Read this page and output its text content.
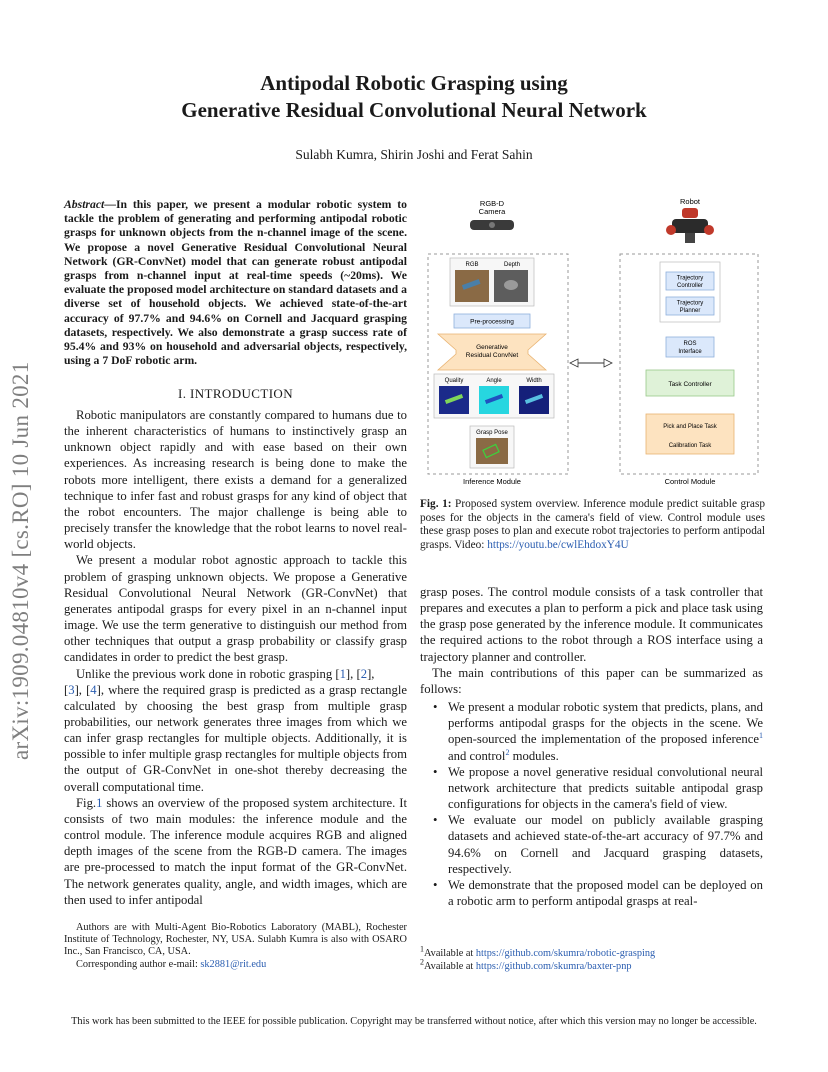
Antipodal Robotic Grasping using
Generative Residual Convolutional Neural Network
Sulabh Kumra, Shirin Joshi and Ferat Sahin
arXiv:1909.04810v4 [cs.RO] 10 Jun 2021
Abstract—In this paper, we present a modular robotic system to tackle the problem of generating and performing antipodal robotic grasps for unknown objects from the n-channel image of the scene. We propose a novel Generative Residual Convolutional Neural Network (GR-ConvNet) model that can generate robust antipodal grasps from n-channel input at real-time speeds (~20ms). We evaluate the proposed model architecture on standard datasets and a diverse set of household objects. We achieved state-of-the-art accuracy of 97.7% and 94.6% on Cornell and Jacquard grasping datasets, respectively. We also demonstrate a grasp success rate of 95.4% and 93% on household and adversarial objects, respectively, using a 7 DoF robotic arm.
I. INTRODUCTION

Robotic manipulators are constantly compared to humans due to the inherent characteristics of humans to instinctively grasp an unknown object rapidly and with ease based on their own experiences. As increasing research is being done to make the robots more intelligent, there exists a demand for a generalized technique to infer fast and robust grasps for any kind of object that the robot encounters. The major challenge is being able to precisely transfer the knowledge that the robot learns to novel real-world objects.

We present a modular robot agnostic approach to tackle this problem of grasping unknown objects. We propose a Generative Residual Convolutional Neural Network (GR-ConvNet) that generates antipodal grasps for every pixel in an n-channel input image. We use the term generative to distinguish our method from other techniques that output a grasp probability or classify grasp candidates in order to predict the best grasp.

Unlike the previous work done in robotic grasping [1], [2],
[3], [4], where the required grasp is predicted as a grasp rectangle calculated by choosing the best grasp from multiple grasp probabilities, our network generates three images from which we can infer grasp rectangles for multiple objects. Additionally, it is possible to infer multiple grasp rectangles for multiple objects from the output of GR-ConvNet in one-shot thereby decreasing the overall computational time.

Fig.1 shows an overview of the proposed system architecture. It consists of two main modules: the inference module and the control module. The inference module acquires RGB and aligned depth images of the scene from the RGB-D camera. The images are pre-processed to match the input format of the GR-ConvNet. The network generates quality, angle, and width images, which are then used to infer antipodal

Authors are with Multi-Agent Bio-Robotics Laboratory (MABL), Rochester Institute of Technology, Rochester, NY, USA. Sulabh Kumra is also with OSARO Inc., San Francisco, CA, USA.

Corresponding author e-mail: sk2881@rit.edu

RGB-D
Camera
RGB	Depth
Pre-processing
Generative
Residual ConvNet
Quality	Angle	Width
Grasp Pose
Inference Module
Robot
Trajectory
Controller
Trajectory
Planner
ROS
Interface
Task Controller
Pick and Place Task
Calibration Task
Control Module
Fig. 1: Proposed system overview. Inference module predict suitable grasp poses for the objects in the camera's field of view. Control module uses these grasp poses to plan and execute robot trajectories to perform antipodal grasps. Video: https://youtu.be/cwlEhdoxY4U

grasp poses. The control module consists of a task controller that prepares and executes a plan to perform a pick and place task using the grasp pose generated by the inference module. It communicates the required actions to the robot through a ROS interface using a trajectory planner and controller.

The main contributions of this paper can be summarized as follows:

• We present a modular robotic system that predicts, plans, and performs antipodal grasps for the objects in the scene. We open-sourced the implementation of the proposed inference$^1$ and control$^2$ modules.
• We propose a novel generative residual convolutional neural network architecture that predicts suitable antipodal grasp configurations for objects in the camera's field of view.
• We evaluate our model on publicly available grasping datasets and achieved state-of-the-art accuracy of 97.7% and 94.6% on Cornell and Jacquard grasping datasets, respectively.
• We demonstrate that the proposed model can be deployed on a robotic arm to perform antipodal grasps at real-
$^1$Available at https://github.com/skumra/robotic-grasping
$^2$Available at https://github.com/skumra/baxter-pnp
This work has been submitted to the IEEE for possible publication. Copyright may be transferred without notice, after which this version may no longer be accessible.
